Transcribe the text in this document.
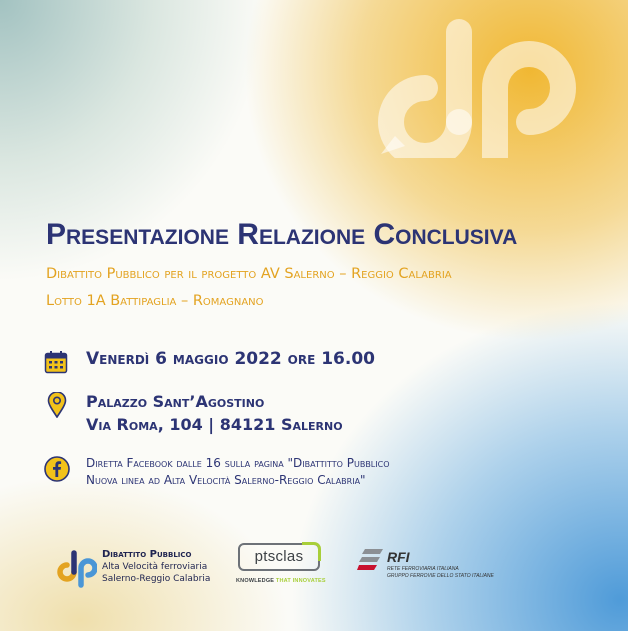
Presentazione Relazione Conclusiva
Dibattito Pubblico per il progetto AV Salerno – Reggio Calabria
Lotto 1A Battipaglia – Romagnano
Venerdì 6 maggio 2022 ore 16.00
Palazzo Sant’Agostino
Via Roma, 104 | 84121 Salerno
Diretta Facebook dalle 16 sulla pagina "Dibattitto Pubblico
Nuova linea ad Alta Velocità Salerno-Reggio Calabria"
Dibattito Pubblico
Alta Velocità ferroviaria
Salerno-Reggio Calabria
ptsclas
KNOWLEDGE THAT INNOVATES
RFI
RETE FERROVIARIA ITALIANA
GRUPPO FERROVIE DELLO STATO ITALIANE
